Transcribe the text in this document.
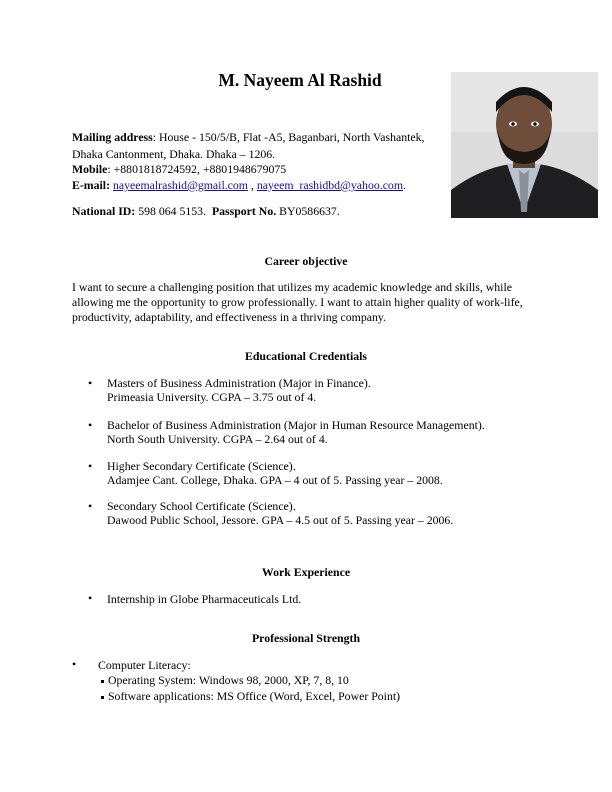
M. Nayeem Al Rashid
Mailing address: House - 150/5/B, Flat -A5, Baganbari, North Vashantek,
Dhaka Cantonment, Dhaka. Dhaka – 1206.
Mobile: +8801818724592, +8801948679075
E-mail: nayeemalrashid@gmail.com , nayeem_rashidbd@yahoo.com.
National ID: 598 064 5153. Passport No. BY0586637.
Career objective
I want to secure a challenging position that utilizes my academic knowledge and skills, while
allowing me the opportunity to grow professionally. I want to attain higher quality of work-life,
productivity, adaptability, and effectiveness in a thriving company.
Educational Credentials
• Masters of Business Administration (Major in Finance).
Primeasia University. CGPA – 3.75 out of 4.
• Bachelor of Business Administration (Major in Human Resource Management).
North South University. CGPA – 2.64 out of 4.
• Higher Secondary Certificate (Science).
Adamjee Cant. College, Dhaka. GPA – 4 out of 5. Passing year – 2008.
• Secondary School Certificate (Science).
Dawood Public School, Jessore. GPA – 4.5 out of 5. Passing year – 2006.
Work Experience
• Internship in Globe Pharmaceuticals Ltd.
Professional Strength
• Computer Literacy:
Operating System: Windows 98, 2000, XP, 7, 8, 10
Software applications: MS Office (Word, Excel, Power Point)
